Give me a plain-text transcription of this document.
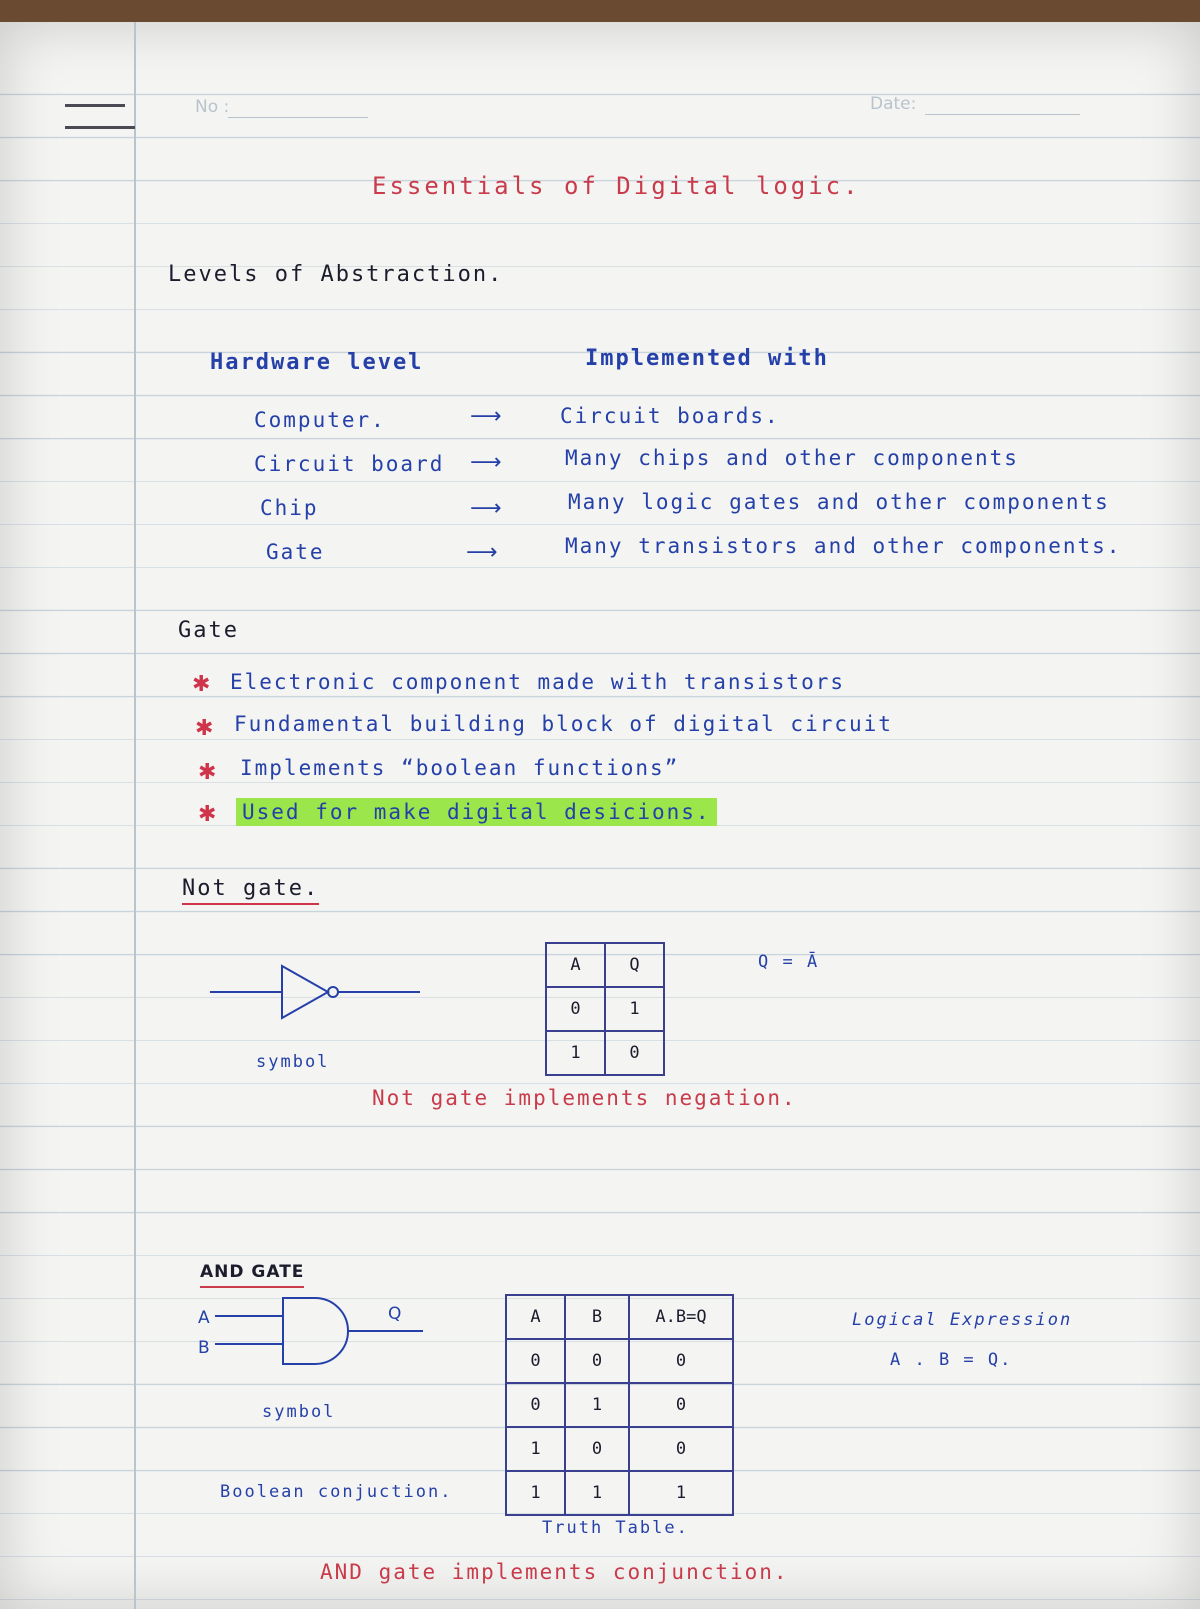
No :	Date:
Essentials of Digital logic.
Levels of Abstraction.
Hardware level	Implemented with
Computer.	⟶	Circuit boards.
Circuit board ⟶	Many chips and other components
Chip	⟶	Many logic gates and other components
Gate	⟶	Many transistors and other components.
Gate
✱ Electronic component made with transistors
✱ Fundamental building block of digital circuit
✱ Implements “boolean functions”
✱ Used for make digital desicions.
Not gate.
symbol
A	Q
0	1
1	0
Q = Ā
Not gate implements negation.
AND GATE
A
B
Q
symbol
Boolean conjuction.
A	B	A.B=Q
0	0	0
0	1	0
1	0	0
1	1	1
Truth Table.
Logical Expression
A . B = Q.
AND gate implements conjunction.
